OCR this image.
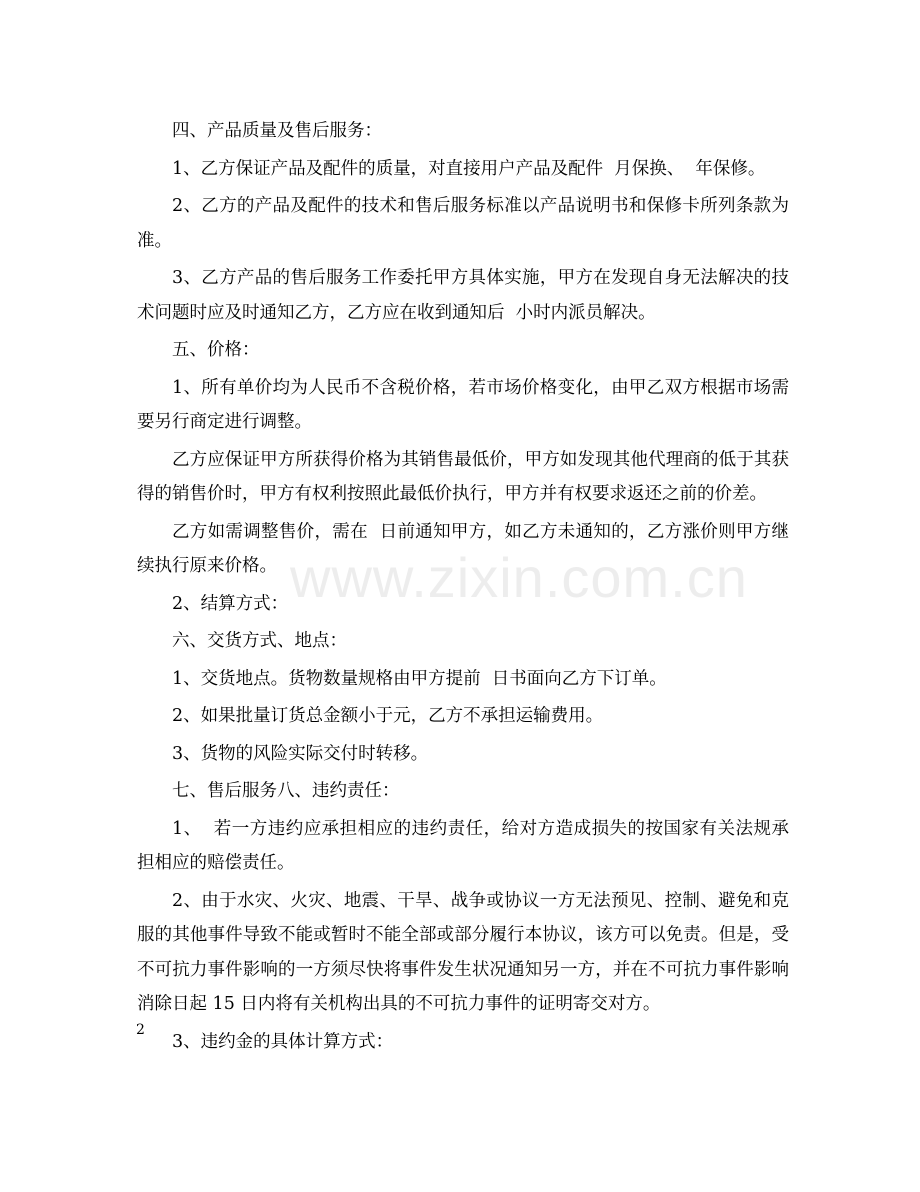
四、产品质量及售后服务：

1、乙方保证产品及配件的质量，对直接用户产品及配件  月保换、  年保修。

2、乙方的产品及配件的技术和售后服务标准以产品说明书和保修卡所列条款为准。

3、乙方产品的售后服务工作委托甲方具体实施，甲方在发现自身无法解决的技术问题时应及时通知乙方，乙方应在收到通知后  小时内派员解决。

五、价格：

1、所有单价均为人民币不含税价格，若市场价格变化，由甲乙双方根据市场需要另行商定进行调整。

乙方应保证甲方所获得价格为其销售最低价，甲方如发现其他代理商的低于其获得的销售价时，甲方有权利按照此最低价执行，甲方并有权要求返还之前的价差。

乙方如需调整售价，需在  日前通知甲方，如乙方未通知的，乙方涨价则甲方继续执行原来价格。

2、结算方式：

六、交货方式、地点：

1、交货地点。货物数量规格由甲方提前  日书面向乙方下订单。

2、如果批量订货总金额小于元，乙方不承担运输费用。

3、货物的风险实际交付时转移。

七、售后服务八、违约责任：

1、  若一方违约应承担相应的违约责任，给对方造成损失的按国家有关法规承担相应的赔偿责任。

2、由于水灾、火灾、地震、干旱、战争或协议一方无法预见、控制、避免和克服的其他事件导致不能或暂时不能全部或部分履行本协议，该方可以免责。但是，受不可抗力事件影响的一方须尽快将事件发生状况通知另一方，并在不可抗力事件影响消除日起 15 日内将有关机构出具的不可抗力事件的证明寄交对方。

3、违约金的具体计算方式：

www.zixin.com.cn
2
